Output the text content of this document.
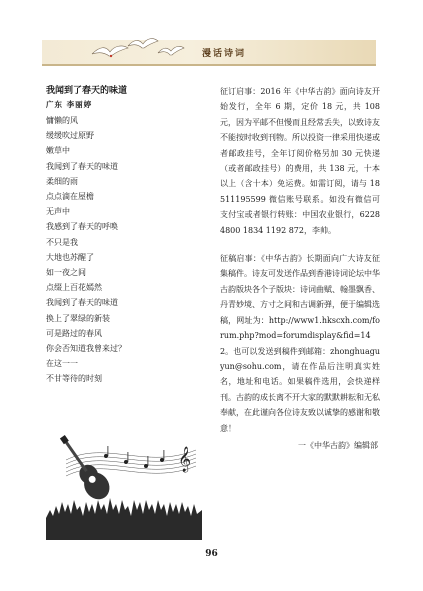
漫话诗词
我闻到了春天的味道
广东 李丽婷
慵懒的风
缓缓吹过原野
嫩草中
我闻到了春天的味道
柔细的雨
点点滴在屋檐
无声中
我感到了春天的呼唤
不只是我
大地也苏醒了
如一夜之间
点缀上百花嫣然
我闻到了春天的味道
换上了翠绿的新装
可是路过的春风
你会否知道我曾来过？
在这一一
不甘等待的时刻
征订启事：2016 年《中华古韵》面向诗友开始发行，全年 6 期，定价 18 元，共 108 元，因为平邮不但慢而且经常丢失，以致诗友不能按时收到刊物。所以投资一律采用快递或者邮政挂号，全年订阅价格另加 30 元快递（或者邮政挂号）的费用，共 138 元，十本以上（含十本）免运费。如需订阅，请与 18511195599 微信账号联系。如没有微信可支付宝或者银行转账：中国农业银行，6228 4800 1834 1192 872，李帅。
征稿启事：《中华古韵》长期面向广大诗友征集稿件。诗友可发送作品到香港诗词论坛中华古韵版块各个子版块：诗词曲赋、翰墨飘香、丹青妙境、方寸之间和古调新弹，便于编辑选稿，网址为：http://www1.hkscxh.com/forum.php?mod=forumdisplay&fid=142。也可以发送到稿件到邮箱：zhonghuaguyun@sohu.com，请在作品后注明真实姓名，地址和电话。如果稿件选用，会快递样刊。古韵的成长离不开大家的默默耕耘和无私奉献，在此谨向各位诗友致以诚挚的感谢和敬意！
一《中华古韵》编辑部
𝄞
96
